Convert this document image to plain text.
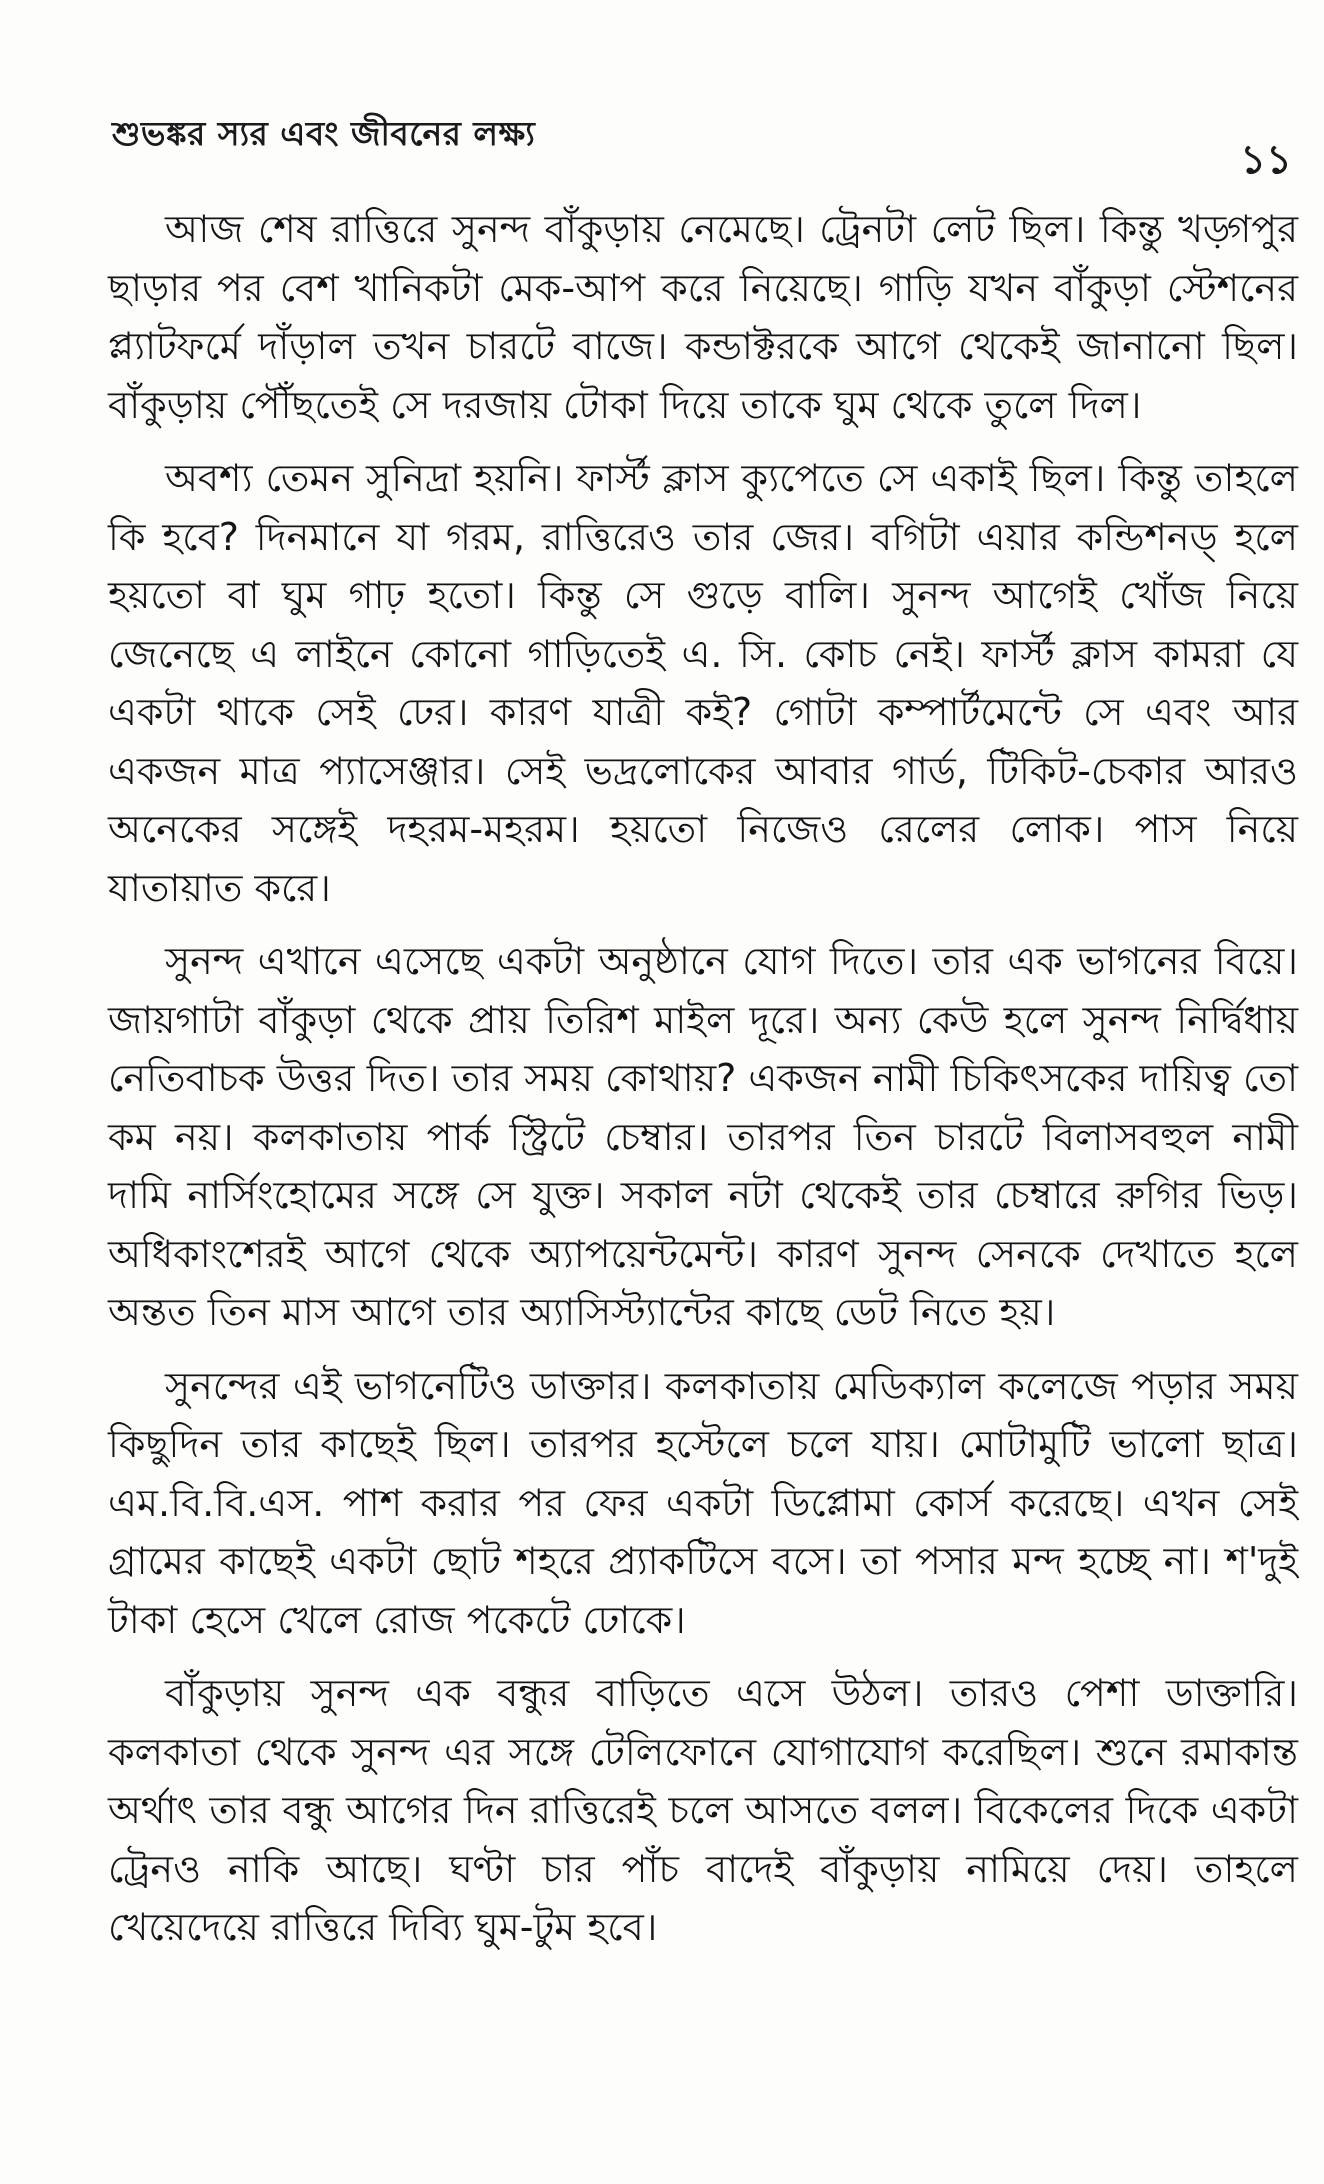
শুভঙ্কর স্যর এবং জীবনের লক্ষ্য
১১

আজ শেষ রাত্তিরে সুনন্দ বাঁকুড়ায় নেমেছে। ট্রেনটা লেট ছিল। কিন্তু খড়্গপুর ছাড়ার পর বেশ খানিকটা মেক-আপ করে নিয়েছে। গাড়ি যখন বাঁকুড়া স্টেশনের প্ল্যাটফর্মে দাঁড়াল তখন চারটে বাজে। কন্ডাক্টরকে আগে থেকেই জানানো ছিল। বাঁকুড়ায় পৌঁছতেই সে দরজায় টোকা দিয়ে তাকে ঘুম থেকে তুলে দিল।

অবশ্য তেমন সুনিদ্রা হয়নি। ফার্স্ট ক্লাস ক্যুপেতে সে একাই ছিল। কিন্তু তাহলে কি হবে? দিনমানে যা গরম, রাত্তিরেও তার জের। বগিটা এয়ার কন্ডিশনড্ হলে হয়তো বা ঘুম গাঢ় হতো। কিন্তু সে গুড়ে বালি। সুনন্দ আগেই খোঁজ নিয়ে জেনেছে এ লাইনে কোনো গাড়িতেই এ. সি. কোচ নেই। ফার্স্ট ক্লাস কামরা যে একটা থাকে সেই ঢের। কারণ যাত্রী কই? গোটা কম্পার্টমেন্টে সে এবং আর একজন মাত্র প্যাসেঞ্জার। সেই ভদ্রলোকের আবার গার্ড, টিকিট-চেকার আরও অনেকের সঙ্গেই দহরম-মহরম। হয়তো নিজেও রেলের লোক। পাস নিয়ে যাতায়াত করে।

সুনন্দ এখানে এসেছে একটা অনুষ্ঠানে যোগ দিতে। তার এক ভাগনের বিয়ে। জায়গাটা বাঁকুড়া থেকে প্রায় তিরিশ মাইল দূরে। অন্য কেউ হলে সুনন্দ নির্দ্বিধায় নেতিবাচক উত্তর দিত। তার সময় কোথায়? একজন নামী চিকিৎসকের দায়িত্ব তো কম নয়। কলকাতায় পার্ক স্ট্রিটে চেম্বার। তারপর তিন চারটে বিলাসবহুল নামী দামি নার্সিংহোমের সঙ্গে সে যুক্ত। সকাল নটা থেকেই তার চেম্বারে রুগির ভিড়। অধিকাংশেরই আগে থেকে অ্যাপয়েন্টমেন্ট। কারণ সুনন্দ সেনকে দেখাতে হলে অন্তত তিন মাস আগে তার অ্যাসিস্ট্যান্টের কাছে ডেট নিতে হয়।

সুনন্দের এই ভাগনেটিও ডাক্তার। কলকাতায় মেডিক্যাল কলেজে পড়ার সময় কিছুদিন তার কাছেই ছিল। তারপর হস্টেলে চলে যায়। মোটামুটি ভালো ছাত্র। এম.বি.বি.এস. পাশ করার পর ফের একটা ডিপ্লোমা কোর্স করেছে। এখন সেই গ্রামের কাছেই একটা ছোট শহরে প্র্যাকটিসে বসে। তা পসার মন্দ হচ্ছে না। শ'দুই টাকা হেসে খেলে রোজ পকেটে ঢোকে।

বাঁকুড়ায় সুনন্দ এক বন্ধুর বাড়িতে এসে উঠল। তারও পেশা ডাক্তারি। কলকাতা থেকে সুনন্দ এর সঙ্গে টেলিফোনে যোগাযোগ করেছিল। শুনে রমাকান্ত অর্থাৎ তার বন্ধু আগের দিন রাত্তিরেই চলে আসতে বলল। বিকেলের দিকে একটা ট্রেনও নাকি আছে। ঘণ্টা চার পাঁচ বাদেই বাঁকুড়ায় নামিয়ে দেয়। তাহলে খেয়েদেয়ে রাত্তিরে দিব্যি ঘুম-টুম হবে।
